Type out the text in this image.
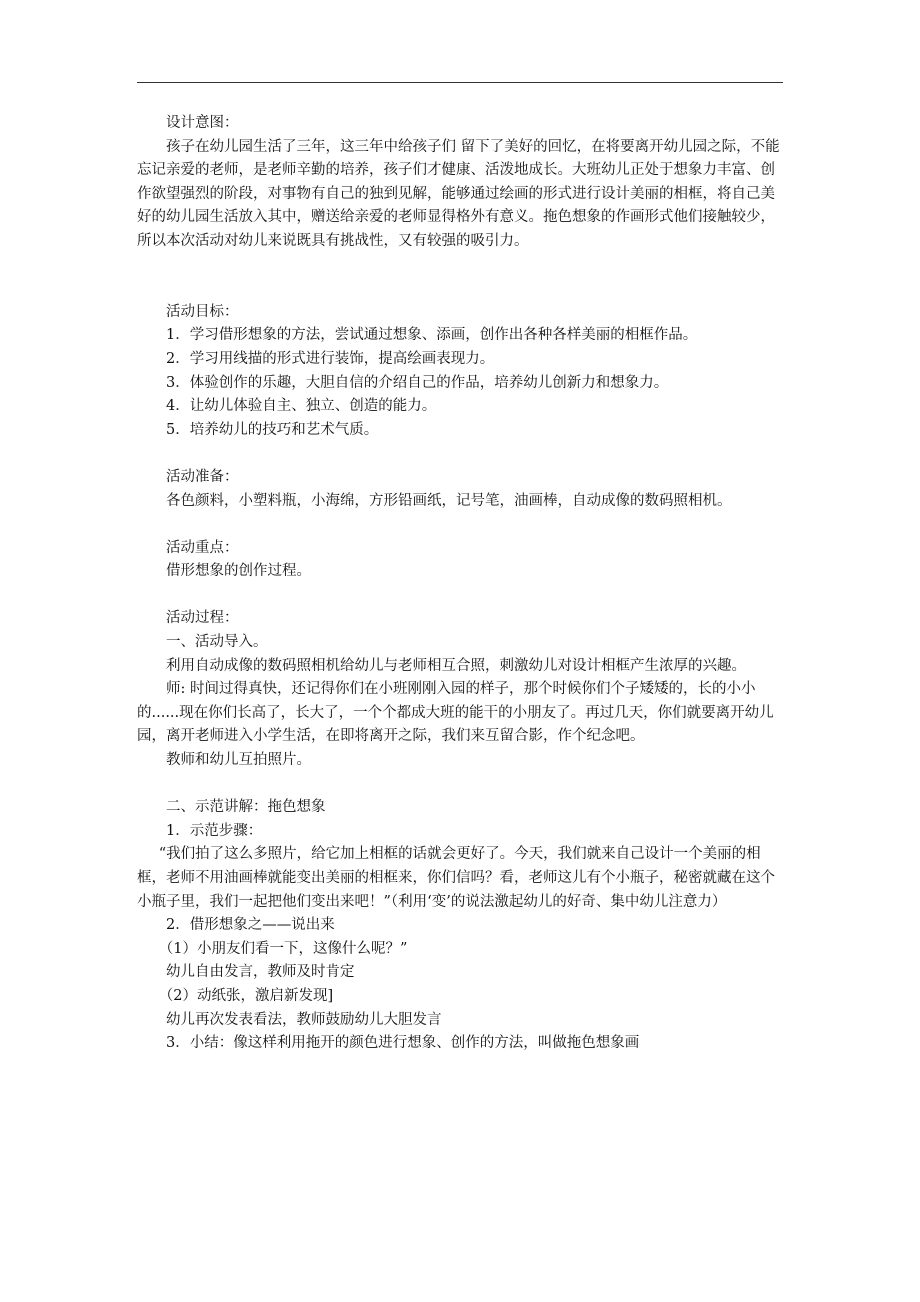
设计意图：

孩子在幼儿园生活了三年，这三年中给孩子们 留下了美好的回忆，在将要离开幼儿园之际，不能忘记亲爱的老师，是老师辛勤的培养，孩子们才健康、活泼地成长。大班幼儿正处于想象力丰富、创作欲望强烈的阶段，对事物有自己的独到见解，能够通过绘画的形式进行设计美丽的相框，将自己美好的幼儿园生活放入其中，赠送给亲爱的老师显得格外有意义。拖色想象的作画形式他们接触较少，所以本次活动对幼儿来说既具有挑战性，又有较强的吸引力。

活动目标：

1．学习借形想象的方法，尝试通过想象、添画，创作出各种各样美丽的相框作品。

2．学习用线描的形式进行装饰，提高绘画表现力。

3．体验创作的乐趣，大胆自信的介绍自己的作品，培养幼儿创新力和想象力。

4．让幼儿体验自主、独立、创造的能力。

5．培养幼儿的技巧和艺术气质。

活动准备：

各色颜料，小塑料瓶，小海绵，方形铅画纸，记号笔，油画棒，自动成像的数码照相机。

活动重点：

借形想象的创作过程。

活动过程：

一、活动导入。

利用自动成像的数码照相机给幼儿与老师相互合照，刺激幼儿对设计相框产生浓厚的兴趣。

师: 时间过得真快，还记得你们在小班刚刚入园的样子，那个时候你们个子矮矮的，长的小小的......现在你们长高了，长大了，一个个都成大班的能干的小朋友了。再过几天，你们就要离开幼儿园，离开老师进入小学生活，在即将离开之际，我们来互留合影，作个纪念吧。

教师和幼儿互拍照片。

二、示范讲解：拖色想象

1．示范步骤：

“我们拍了这么多照片，给它加上相框的话就会更好了。今天，我们就来自己设计一个美丽的相框，老师不用油画棒就能变出美丽的相框来，你们信吗？看，老师这儿有个小瓶子，秘密就藏在这个小瓶子里，我们一起把他们变出来吧！”（利用‘变’的说法激起幼儿的好奇、集中幼儿注意力）

2．借形想象之——说出来

（1）小朋友们看一下，这像什么呢？”

幼儿自由发言，教师及时肯定

（2）动纸张，激启新发现]

幼儿再次发表看法，教师鼓励幼儿大胆发言

3．小结：像这样利用拖开的颜色进行想象、创作的方法，叫做拖色想象画
